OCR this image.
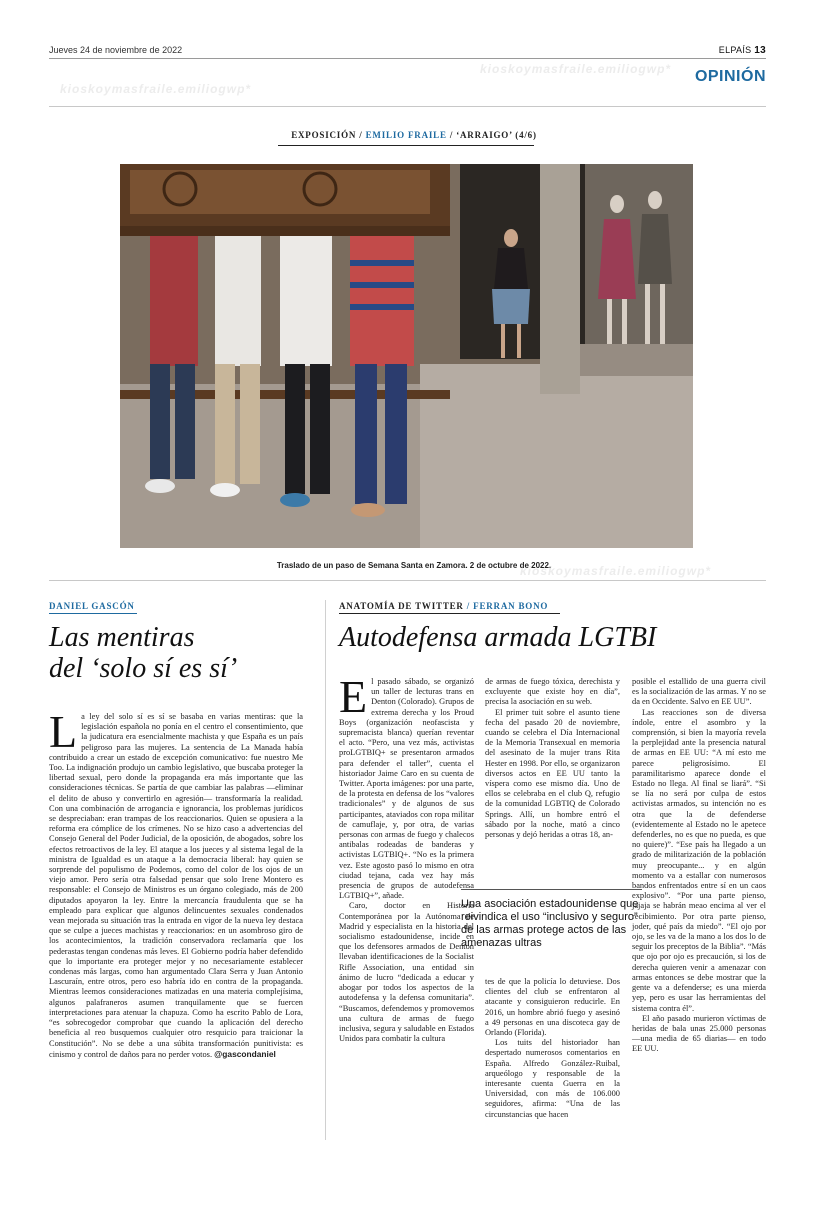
Jueves 24 de noviembre de 2022	ELPAÍS 13
OPINIÓN
kioskoymasfraile.emiliogwp*
kioskoymasfraile.emiliogwp*
EXPOSICIÓN / EMILIO FRAILE / ‘ARRAIGO’ (4/6)
Traslado de un paso de Semana Santa en Zamora. 2 de octubre de 2022.
kioskoymasfraile.emiliogwp*
DANIEL GASCÓN
Las mentiras
del ‘solo sí es sí’

La ley del solo sí es sí se basaba en varias mentiras: que la legislación española no ponía en el centro el consentimiento, que la judicatura era esencialmente machista y que España es un país peligroso para las mujeres. La sentencia de La Manada había contribuido a crear un estado de excepción comunicativo: fue nuestro Me Too. La indignación produjo un cambio legislativo, que buscaba proteger la libertad sexual, pero donde la propaganda era más importante que las consideraciones técnicas. Se partía de que cambiar las palabras —eliminar el delito de abuso y convertirlo en agresión— transformaría la realidad. Con una combinación de arrogancia e ignorancia, los problemas jurídicos se despreciaban: eran trampas de los reaccionarios. Quien se opusiera a la reforma era cómplice de los crímenes. No se hizo caso a advertencias del Consejo General del Poder Judicial, de la oposición, de abogados, sobre los efectos retroactivos de la ley. El ataque a los jueces y al sistema legal de la ministra de Igualdad es un ataque a la democracia liberal: hay quien se sorprende del populismo de Podemos, como del color de los ojos de un viejo amor. Pero sería otra falsedad pensar que solo Irene Montero es responsable: el Consejo de Ministros es un órgano colegiado, más de 200 diputados apoyaron la ley. Entre la mercancía fraudulenta que se ha empleado para explicar que algunos delincuentes sexuales condenados vean mejorada su situación tras la entrada en vigor de la nueva ley destaca que se culpe a jueces machistas y reaccionarios: en un asombroso giro de los acontecimientos, la tradición conservadora reclamaría que los pederastas tengan condenas más leves. El Gobierno podría haber defendido que lo importante era proteger mejor y no necesariamente establecer condenas más largas, como han argumentado Clara Serra y Juan Antonio Lascuraín, entre otros, pero eso habría ido en contra de la propaganda. Mientras leemos consideraciones matizadas en una materia complejísima, algunos palafraneros asumen tranquilamente que se fuercen interpretaciones para atenuar la chapuza. Como ha escrito Pablo de Lora, “es sobrecogedor comprobar que cuando la aplicación del derecho beneficia al reo busquemos cualquier otro resquicio para traicionar la Constitución”. No se debe a una súbita transformación punitivista: es cinismo y control de daños para no perder votos. @gascondaniel

ANATOMÍA DE TWITTER / FERRAN BONO
Autodefensa armada LGTBI

El pasado sábado, se organizó un taller de lecturas trans en Denton (Colorado). Grupos de extrema derecha y los Proud Boys (organización neofascista y supremacista blanca) querían reventar el acto. “Pero, una vez más, activistas proLGTBIQ+ se presentaron armados para defender el taller”, cuenta el historiador Jaime Caro en su cuenta de Twitter. Aporta imágenes: por una parte, de la protesta en defensa de los “valores tradicionales” y de algunos de sus participantes, ataviados con ropa militar de camuflaje, y, por otra, de varias personas con armas de fuego y chalecos antibalas rodeadas de banderas y activistas LGTBIQ+. “No es la primera vez. Este agosto pasó lo mismo en otra ciudad tejana, cada vez hay más presencia de grupos de autodefensa LGTBIQ+”, añade.

Caro, doctor en Historia Contemporánea por la Autónoma de Madrid y especialista en la historia del socialismo estadounidense, incide en que los defensores armados de Denton llevaban identificaciones de la Socialist Rifle Association, una entidad sin ánimo de lucro “dedicada a educar y abogar por todos los aspectos de la autodefensa y la defensa comunitaria”. “Buscamos, defendemos y promovemos una cultura de armas de fuego inclusiva, segura y saludable en Estados Unidos para combatir la cultura

de armas de fuego tóxica, derechista y excluyente que existe hoy en día”, precisa la asociación en su web.

El primer tuit sobre el asunto tiene fecha del pasado 20 de noviembre, cuando se celebra el Día Internacional de la Memoria Transexual en memoria del asesinato de la mujer trans Rita Hester en 1998. Por ello, se organizaron diversos actos en EE UU tanto la víspera como ese mismo día. Uno de ellos se celebraba en el club Q, refugio de la comunidad LGBTIQ de Colorado Springs. Allí, un hombre entró el sábado por la noche, mató a cinco personas y dejó heridas a otras 18, an-

Una asociación estadounidense que reivindica el uso “inclusivo y seguro” de las armas protege actos de las amenazas ultras

tes de que la policía lo detuviese. Dos clientes del club se enfrentaron al atacante y consiguieron reducirle. En 2016, un hombre abrió fuego y asesinó a 49 personas en una discoteca gay de Orlando (Florida).

Los tuits del historiador han despertado numerosos comentarios en España. Alfredo González-Ruibal, arqueólogo y responsable de la interesante cuenta Guerra en la Universidad, con más de 106.000 seguidores, afirma: “Una de las circunstancias que hacen

posible el estallido de una guerra civil es la socialización de las armas. Y no se da en Occidente. Salvo en EE UU”.

Las reacciones son de diversa índole, entre el asombro y la comprensión, si bien la mayoría revela la perplejidad ante la presencia natural de armas en EE UU: “A mí esto me parece peligrosísimo. El paramilitarismo aparece donde el Estado no llega. Al final se liará”. “Si se lía no será por culpa de estos activistas armados, su intención no es otra que la de defenderse (evidentemente al Estado no le apetece defenderles, no es que no pueda, es que no quiere)”. “Ese país ha llegado a un grado de militarización de la población muy preocupante... y en algún momento va a estallar con numerosos bandos enfrentados entre sí en un caos explosivo”. “Por una parte pienso, jajaja se habrán meao encima al ver el recibimiento. Por otra parte pienso, joder, qué país da miedo”. “El ojo por ojo, se les va de la mano a los dos lo de seguir los preceptos de la Biblia”. “Más que ojo por ojo es precaución, si los de derecha quieren venir a amenazar con armas entonces se debe mostrar que la gente va a defenderse; es una mierda yep, pero es usar las herramientas del sistema contra él”.

El año pasado murieron víctimas de heridas de bala unas 25.000 personas —una media de 65 diarias— en todo EE UU.
